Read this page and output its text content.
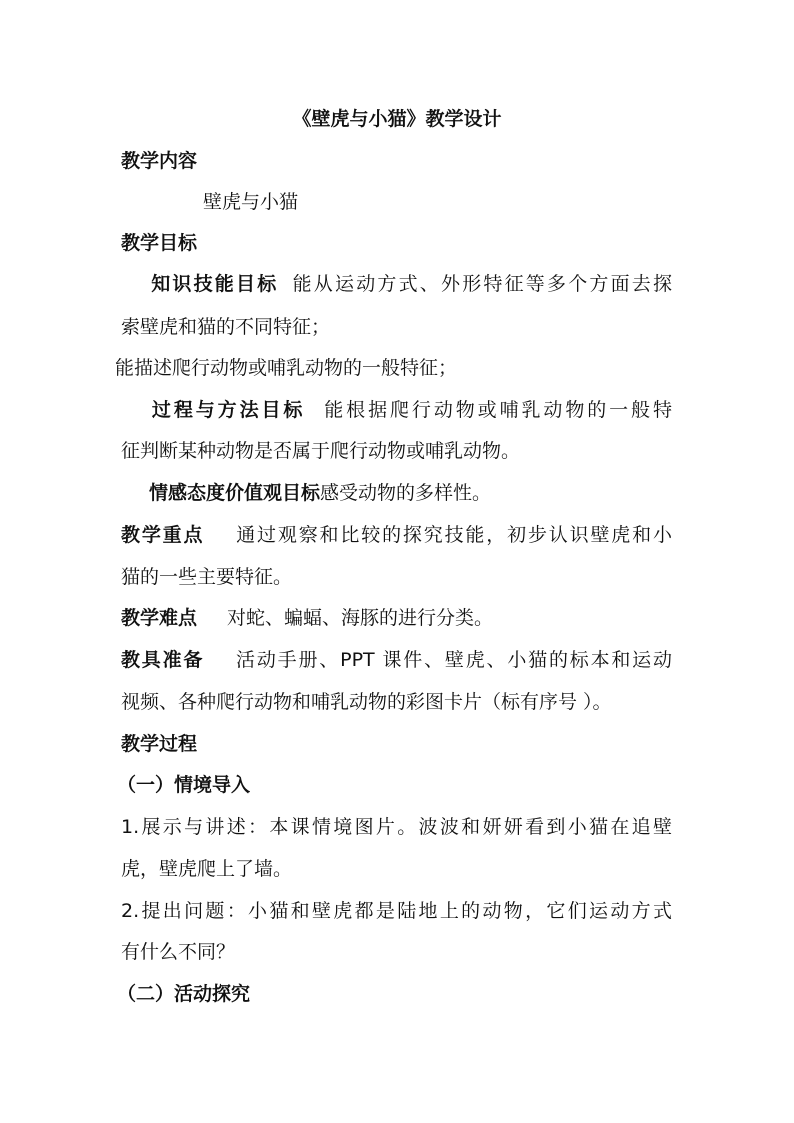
《壁虎与小猫》教学设计
教学内容
壁虎与小猫
教学目标
知识技能目标 能从运动方式、外形特征等多个方面去探
索壁虎和猫的不同特征；
能描述爬行动物或哺乳动物的一般特征；
过程与方法目标 能根据爬行动物或哺乳动物的一般特
征判断某种动物是否属于爬行动物或哺乳动物。
情感态度价值观目标感受动物的多样性。
教学重点 通过观察和比较的探究技能，初步认识壁虎和小
猫的一些主要特征。
教学难点 对蛇、蝙蝠、海豚的进行分类。
教具准备 活动手册、PPT 课件、壁虎、小猫的标本和运动
视频、各种爬行动物和哺乳动物的彩图卡片（标有序号 ）。
教学过程
（一）情境导入
1.展示与讲述：本课情境图片。波波和妍妍看到小猫在追壁
虎，壁虎爬上了墙。
2.提出问题：小猫和壁虎都是陆地上的动物，它们运动方式
有什么不同？
（二）活动探究
